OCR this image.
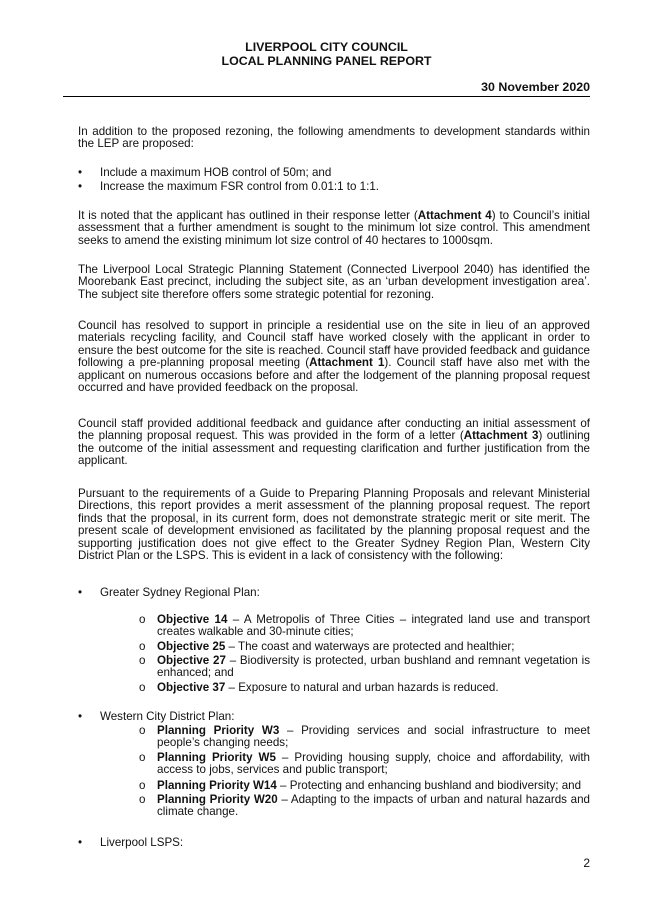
LIVERPOOL CITY COUNCIL
LOCAL PLANNING PANEL REPORT
30 November 2020

In addition to the proposed rezoning, the following amendments to development standards within the LEP are proposed:

• Include a maximum HOB control of 50m; and
• Increase the maximum FSR control from 0.01:1 to 1:1.

It is noted that the applicant has outlined in their response letter (Attachment 4) to Council’s initial assessment that a further amendment is sought to the minimum lot size control. This amendment seeks to amend the existing minimum lot size control of 40 hectares to 1000sqm.

The Liverpool Local Strategic Planning Statement (Connected Liverpool 2040) has identified the Moorebank East precinct, including the subject site, as an ‘urban development investigation area’. The subject site therefore offers some strategic potential for rezoning.

Council has resolved to support in principle a residential use on the site in lieu of an approved materials recycling facility, and Council staff have worked closely with the applicant in order to ensure the best outcome for the site is reached. Council staff have provided feedback and guidance following a pre-planning proposal meeting (Attachment 1). Council staff have also met with the applicant on numerous occasions before and after the lodgement of the planning proposal request occurred and have provided feedback on the proposal.

Council staff provided additional feedback and guidance after conducting an initial assessment of the planning proposal request. This was provided in the form of a letter (Attachment 3) outlining the outcome of the initial assessment and requesting clarification and further justification from the applicant.

Pursuant to the requirements of a Guide to Preparing Planning Proposals and relevant Ministerial Directions, this report provides a merit assessment of the planning proposal request. The report finds that the proposal, in its current form, does not demonstrate strategic merit or site merit. The present scale of development envisioned as facilitated by the planning proposal request and the supporting justification does not give effect to the Greater Sydney Region Plan, Western City District Plan or the LSPS. This is evident in a lack of consistency with the following:

• Greater Sydney Regional Plan:
o Objective 14 – A Metropolis of Three Cities – integrated land use and transport creates walkable and 30-minute cities;
o Objective 25 – The coast and waterways are protected and healthier;
o Objective 27 – Biodiversity is protected, urban bushland and remnant vegetation is enhanced; and
o Objective 37 – Exposure to natural and urban hazards is reduced.
• Western City District Plan:
o Planning Priority W3 – Providing services and social infrastructure to meet people’s changing needs;
o Planning Priority W5 – Providing housing supply, choice and affordability, with access to jobs, services and public transport;
o Planning Priority W14 – Protecting and enhancing bushland and biodiversity; and
o Planning Priority W20 – Adapting to the impacts of urban and natural hazards and climate change.
• Liverpool LSPS:
2
